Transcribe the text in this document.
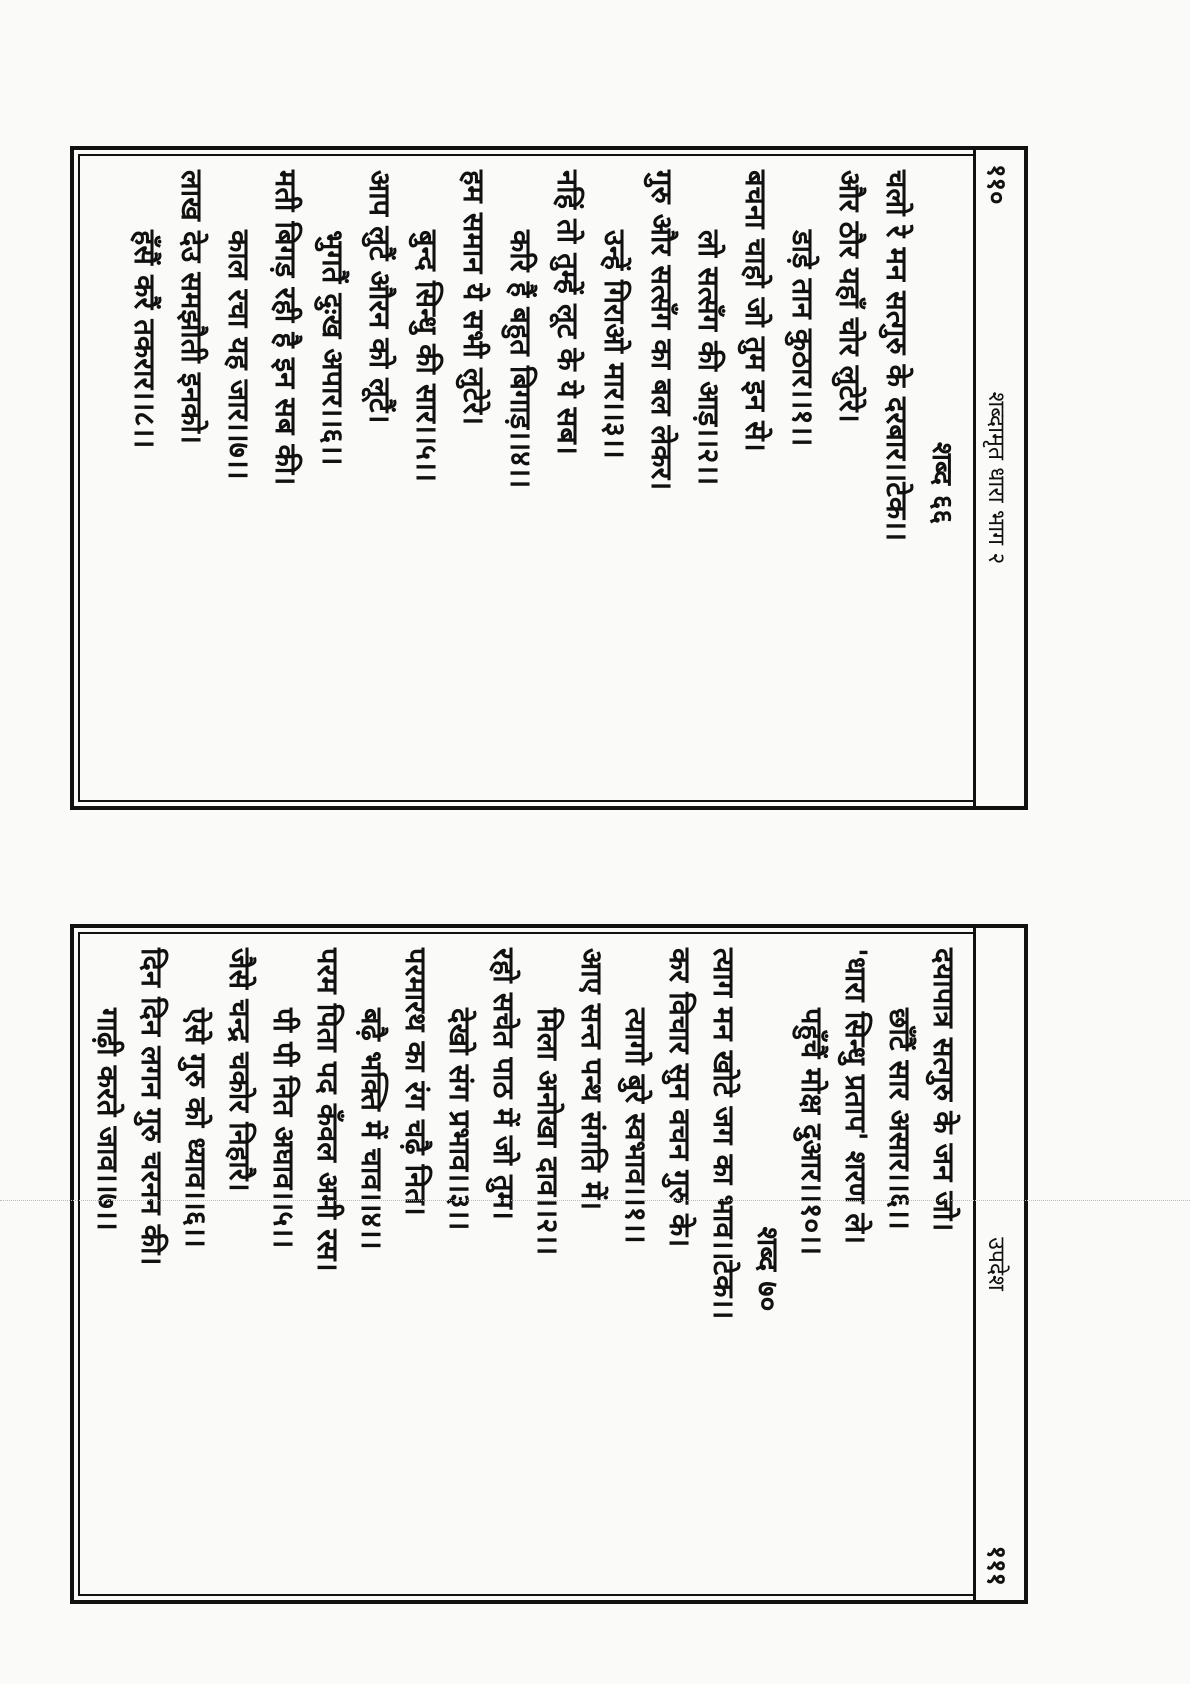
११०
शब्दामृत धारा भाग २
शब्द ६६
चलो रे मन सत्गुरु के दरबार।।टेक।।
और ठौर यहाँ चोर लुटेरे।
डाड़े तान कुठार।।१।।
बचना चाहो जो तुम इन से।
लो सत्सँग की आड़।।२।।
गुरु और सत्सँग का बल लेकर।
उन्हें गिराओ मार।।३।।
नहिं तो तुम्हें लूट के ये सब।
करि हैं बहुत बिगाड़।।४।।
हम समान ये सभी लुटेरे।
बुन्द सिन्धु की सार।।५।।
आप लुटैं औरन को लूटैं।
भुगतैं दुःख अपार।।६।।
मती बिगड़ रही है इन सब की।
काल रचा यह जार।।७।।
लाख देउ समझौती इनको।
हँसैं करैं तकरार।।८।।
उपदेश
१११
दयापात्र सत्गुरु के जन जो।
छाँटैं सार असार।।६।।
'धारा सिन्धु प्रताप' शरण ले।
पहुँचैं मोक्ष दुआर।।१०।।
शब्द ७०
त्याग मन खोटे जग का भाव।।टेक।।
कर विचार सुन वचन गुरु के।
त्यागो बुरे स्वभाव।।१।।
आए सन्त पन्थ संगति में।
मिला अनोखा दाव।।२।।
रहो सचेत पाठ में जो तुम।
देखो संग प्रभाव।।३।।
परमारथ का रंग चढ़ै नित।
बढ़ै भक्ति में चाव।।४।।
परम पिता पद कँवल अमी रस।
पी पी नित अघाव।।५।।
जैसे चन्द्र चकोर निहारै।
ऐसे गुरु को ध्याव।।६।।
दिन दिन लगन गुरु चरनन की।
गाढ़ी करते जाव।।७।।
